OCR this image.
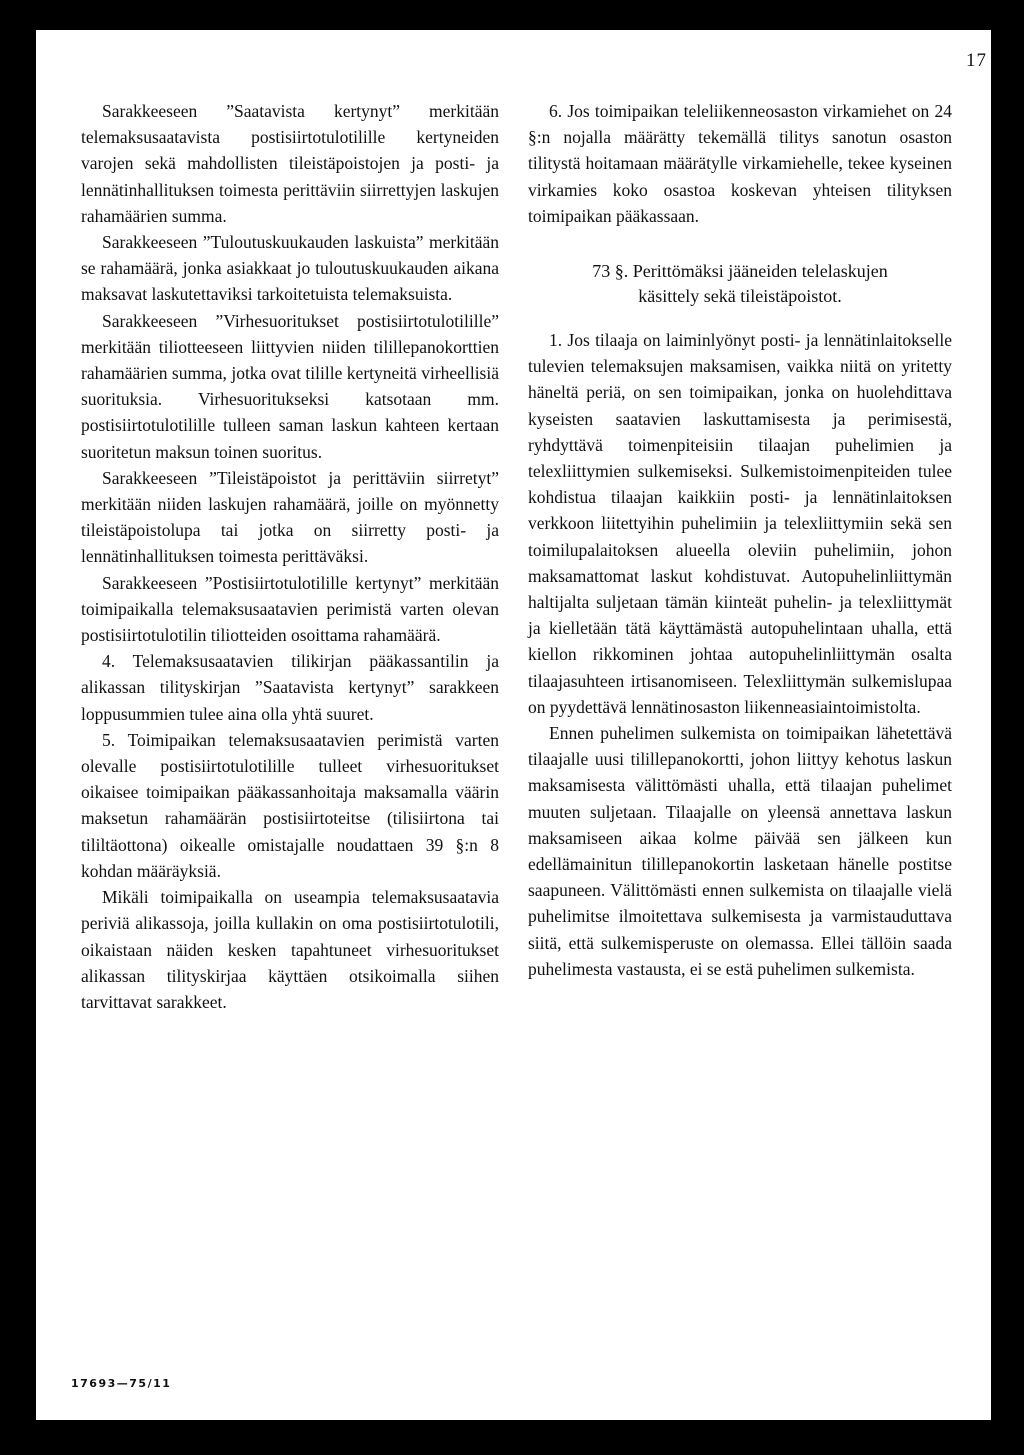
17

Sarakkeeseen ”Saatavista kertynyt” merkitään telemaksusaatavista postisiirtotulotilille kertyneiden varojen sekä mahdollisten tileistäpoistojen ja posti- ja lennätinhallituksen toimesta perittäviin siirrettyjen laskujen rahamäärien summa.

Sarakkeeseen ”Tuloutuskuukauden laskuista” merkitään se rahamäärä, jonka asiakkaat jo tuloutuskuukauden aikana maksavat laskutettaviksi tarkoitetuista telemaksuista.

Sarakkeeseen ”Virhesuoritukset postisiirtotulotilille” merkitään tiliotteeseen liittyvien niiden tilillepanokorttien rahamäärien summa, jotka ovat tilille kertyneitä virheellisiä suorituksia. Virhesuoritukseksi katsotaan mm. postisiirtotulotilille tulleen saman laskun kahteen kertaan suoritetun maksun toinen suoritus.

Sarakkeeseen ”Tileistäpoistot ja perittäviin siirretyt” merkitään niiden laskujen rahamäärä, joille on myönnetty tileistäpoistolupa tai jotka on siirretty posti- ja lennätinhallituksen toimesta perittäväksi.

Sarakkeeseen ”Postisiirtotulotilille kertynyt” merkitään toimipaikalla telemaksusaatavien perimistä varten olevan postisiirtotulotilin tiliotteiden osoittama rahamäärä.

4. Telemaksusaatavien tilikirjan pääkassantilin ja alikassan tilityskirjan ”Saatavista kertynyt” sarakkeen loppusummien tulee aina olla yhtä suuret.

5. Toimipaikan telemaksusaatavien perimistä varten olevalle postisiirtotulotilille tulleet virhesuoritukset oikaisee toimipaikan pääkassanhoitaja maksamalla väärin maksetun rahamäärän postisiirtoteitse (tilisiirtona tai tililtäottona) oikealle omistajalle noudattaen 39 §:n 8 kohdan määräyksiä.

Mikäli toimipaikalla on useampia telemaksusaatavia periviä alikassoja, joilla kullakin on oma postisiirtotulotili, oikaistaan näiden kesken tapahtuneet virhesuoritukset alikassan tilityskirjaa käyttäen otsikoimalla siihen tarvittavat sarakkeet.

6. Jos toimipaikan teleliikenneosaston virkamiehet on 24 §:n nojalla määrätty tekemällä tilitys sanotun osaston tilitystä hoitamaan määrätylle virkamiehelle, tekee kyseinen virkamies koko osastoa koskevan yhteisen tilityksen toimipaikan pääkassaan.

73 §. Perittömäksi jääneiden telelaskujen
käsittely sekä tileistäpoistot.

1. Jos tilaaja on laiminlyönyt posti- ja lennätinlaitokselle tulevien telemaksujen maksamisen, vaikka niitä on yritetty häneltä periä, on sen toimipaikan, jonka on huolehdittava kyseisten saatavien laskuttamisesta ja perimisestä, ryhdyttävä toimenpiteisiin tilaajan puhelimien ja telexliittymien sulkemiseksi. Sulkemistoimenpiteiden tulee kohdistua tilaajan kaikkiin posti- ja lennätinlaitoksen verkkoon liitettyihin puhelimiin ja telexliittymiin sekä sen toimilupalaitoksen alueella oleviin puhelimiin, johon maksamattomat laskut kohdistuvat. Autopuhelinliittymän haltijalta suljetaan tämän kiinteät puhelin- ja telexliittymät ja kielletään tätä käyttämästä autopuhelintaan uhalla, että kiellon rikkominen johtaa autopuhelinliittymän osalta tilaajasuhteen irtisanomiseen. Telexliittymän sulkemislupaa on pyydettävä lennätinosaston liikenneasiaintoimistolta.

Ennen puhelimen sulkemista on toimipaikan lähetettävä tilaajalle uusi tilillepanokortti, johon liittyy kehotus laskun maksamisesta välittömästi uhalla, että tilaajan puhelimet muuten suljetaan. Tilaajalle on yleensä annettava laskun maksamiseen aikaa kolme päivää sen jälkeen kun edellämainitun tilillepanokortin lasketaan hänelle postitse saapuneen. Välittömästi ennen sulkemista on tilaajalle vielä puhelimitse ilmoitettava sulkemisesta ja varmistauduttava siitä, että sulkemisperuste on olemassa. Ellei tällöin saada puhelimesta vastausta, ei se estä puhelimen sulkemista.

17693—75/11
